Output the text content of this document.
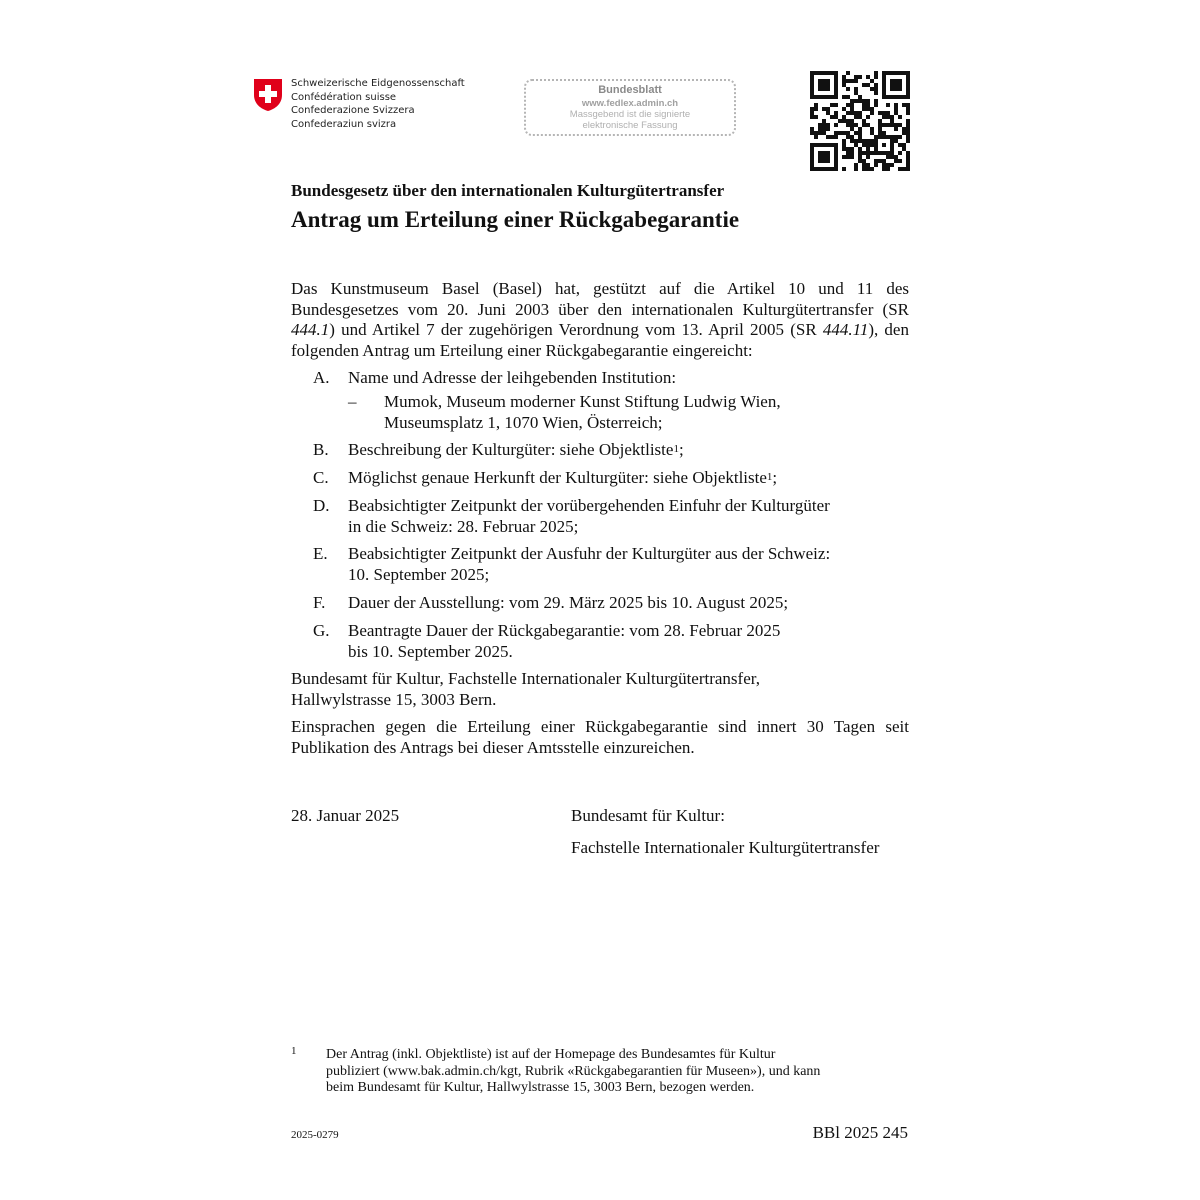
Schweizerische Eidgenossenschaft
Confédération suisse
Confederazione Svizzera
Confederaziun svizra
Bundesblatt
www.fedlex.admin.ch
Massgebend ist die signierte
elektronische Fassung
Bundesgesetz über den internationalen Kulturgütertransfer
Antrag um Erteilung einer Rückgabegarantie
Das Kunstmuseum Basel (Basel) hat, gestützt auf die Artikel 10 und 11 des Bundesgesetzes vom 20. Juni 2003 über den internationalen Kulturgütertransfer (SR 444.1) und Artikel 7 der zugehörigen Verordnung vom 13. April 2005 (SR 444.11), den folgenden Antrag um Erteilung einer Rückgabegarantie eingereicht:
A. Name und Adresse der leihgebenden Institution:
– Mumok, Museum moderner Kunst Stiftung Ludwig Wien,
Museumsplatz 1, 1070 Wien, Österreich;
B. Beschreibung der Kulturgüter: siehe Objektliste$^1$;
C. Möglichst genaue Herkunft der Kulturgüter: siehe Objektliste$^1$;
D. Beabsichtigter Zeitpunkt der vorübergehenden Einfuhr der Kulturgüter
in die Schweiz: 28. Februar 2025;
E. Beabsichtigter Zeitpunkt der Ausfuhr der Kulturgüter aus der Schweiz:
10. September 2025;
F. Dauer der Ausstellung: vom 29. März 2025 bis 10. August 2025;
G. Beantragte Dauer der Rückgabegarantie: vom 28. Februar 2025
bis 10. September 2025.
Bundesamt für Kultur, Fachstelle Internationaler Kulturgütertransfer,
Hallwylstrasse 15, 3003 Bern.
Einsprachen gegen die Erteilung einer Rückgabegarantie sind innert 30 Tagen seit Publikation des Antrags bei dieser Amtsstelle einzureichen.
28. Januar 2025	Bundesamt für Kultur:
Fachstelle Internationaler Kulturgütertransfer
1 Der Antrag (inkl. Objektliste) ist auf der Homepage des Bundesamtes für Kultur
publiziert (www.bak.admin.ch/kgt, Rubrik «Rückgabegarantien für Museen»), und kann
beim Bundesamt für Kultur, Hallwylstrasse 15, 3003 Bern, bezogen werden.
2025-0279	BBl 2025 245
